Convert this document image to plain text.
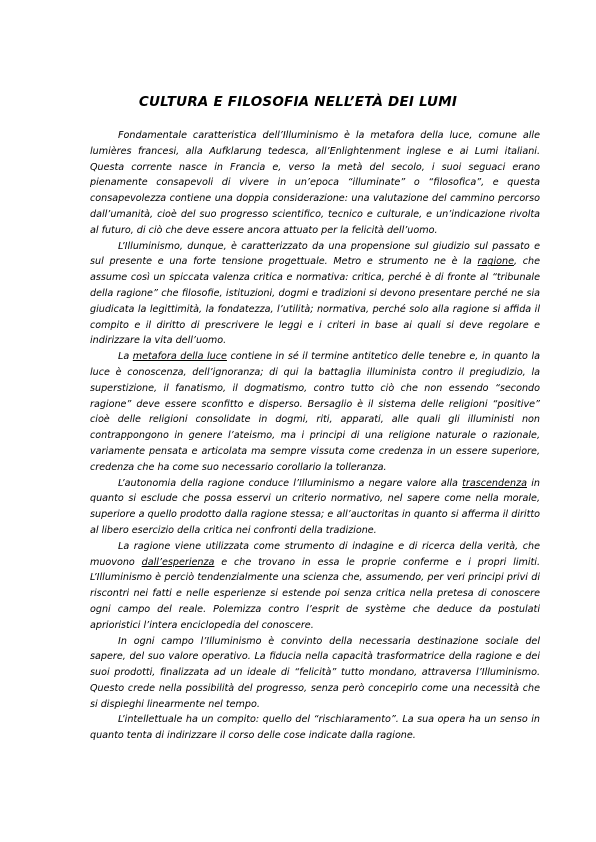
CULTURA E FILOSOFIA NELL’ETÀ DEI LUMI

Fondamentale caratteristica dell’Illuminismo è la metafora della luce, comune alle lumières francesi, alla Aufklarung tedesca, all’Enlightenment inglese e ai Lumi italiani. Questa corrente nasce in Francia e, verso la metà del secolo, i suoi seguaci erano pienamente consapevoli di vivere in un’epoca “illuminate” o “filosofica”, e questa consapevolezza contiene una doppia considerazione: una valutazione del cammino percorso dall’umanità, cioè del suo progresso scientifico, tecnico e culturale, e un’indicazione rivolta al futuro, di ciò che deve essere ancora attuato per la felicità dell’uomo.

L’Illuminismo, dunque, è caratterizzato da una propensione sul giudizio sul passato e sul presente e una forte tensione progettuale. Metro e strumento ne è la ragione, che assume così un spiccata valenza critica e normativa: critica, perché è di fronte al “tribunale della ragione” che filosofie, istituzioni, dogmi e tradizioni si devono presentare perché ne sia giudicata la legittimità, la fondatezza, l’utilità; normativa, perché solo alla ragione si affida il compito e il diritto di prescrivere le leggi e i criteri in base ai quali si deve regolare e indirizzare la vita dell’uomo.

La metafora della luce contiene in sé il termine antitetico delle tenebre e, in quanto la luce è conoscenza, dell’ignoranza; di qui la battaglia illuminista contro il pregiudizio, la superstizione, il fanatismo, il dogmatismo, contro tutto ciò che non essendo “secondo ragione” deve essere sconfitto e disperso. Bersaglio è il sistema delle religioni “positive” cioè delle religioni consolidate in dogmi, riti, apparati, alle quali gli illuministi non contrappongono in genere l’ateismo, ma i principi di una religione naturale o razionale, variamente pensata e articolata ma sempre vissuta come credenza in un essere superiore, credenza che ha come suo necessario corollario la tolleranza.

L’autonomia della ragione conduce l’Illuminismo a negare valore alla trascendenza in quanto si esclude che possa esservi un criterio normativo, nel sapere come nella morale, superiore a quello prodotto dalla ragione stessa; e all’auctoritas in quanto si afferma il diritto al libero esercizio della critica nei confronti della tradizione.

La ragione viene utilizzata come strumento di indagine e di ricerca della verità, che muovono dall’esperienza e che trovano in essa le proprie conferme e i propri limiti. L’Illuminismo è perciò tendenzialmente una scienza che, assumendo, per veri principi privi di riscontri nei fatti e nelle esperienze si estende poi senza critica nella pretesa di conoscere ogni campo del reale. Polemizza contro l’esprit de système che deduce da postulati aprioristici l’intera enciclopedia del conoscere.

In ogni campo l’Illuminismo è convinto della necessaria destinazione sociale del sapere, del suo valore operativo. La fiducia nella capacità trasformatrice della ragione e dei suoi prodotti, finalizzata ad un ideale di “felicità” tutto mondano, attraversa l’Illuminismo. Questo crede nella possibilità del progresso, senza però concepirlo come una necessità che si dispieghi linearmente nel tempo.

L’intellettuale ha un compito: quello del “rischiaramento”. La sua opera ha un senso in quanto tenta di indirizzare il corso delle cose indicate dalla ragione.
